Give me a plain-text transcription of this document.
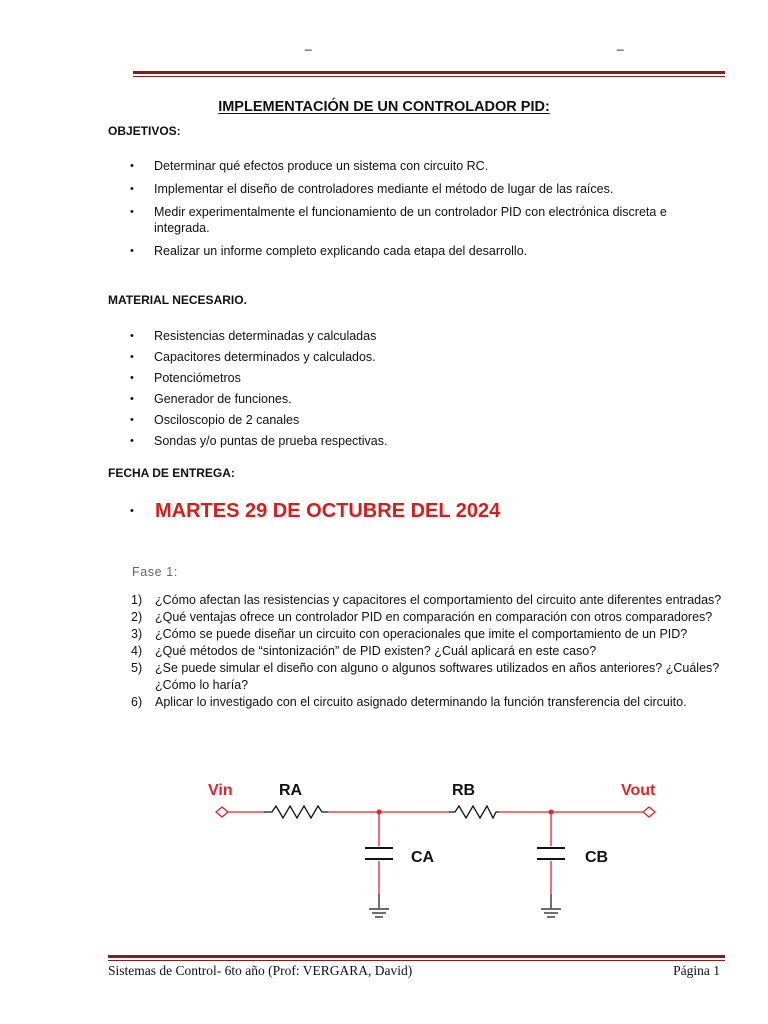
–	–
IMPLEMENTACIÓN DE UN CONTROLADOR PID:
OBJETIVOS:
• Determinar qué efectos produce un sistema con circuito RC.
• Implementar el diseño de controladores mediante el método de lugar de las raíces.
• Medir experimentalmente el funcionamiento de un controlador PID con electrónica discreta e integrada.
• Realizar un informe completo explicando cada etapa del desarrollo.
MATERIAL NECESARIO.
• Resistencias determinadas y calculadas
• Capacitores determinados y calculados.
• Potenciómetros
• Generador de funciones.
• Osciloscopio de 2 canales
• Sondas y/o puntas de prueba respectivas.
FECHA DE ENTREGA:
• MARTES 29 DE OCTUBRE DEL 2024
Fase 1:
1) ¿Cómo afectan las resistencias y capacitores el comportamiento del circuito ante diferentes entradas?
2) ¿Qué ventajas ofrece un controlador PID en comparación en comparación con otros comparadores?
3) ¿Cómo se puede diseñar un circuito con operacionales que imite el comportamiento de un PID?
4) ¿Qué métodos de “sintonización” de PID existen? ¿Cuál aplicará en este caso?
5) ¿Se puede simular el diseño con alguno o algunos softwares utilizados en años anteriores? ¿Cuáles? ¿Cómo lo haría?
6) Aplicar lo investigado con el circuito asignado determinando la función transferencia del circuito.
Vin	RA	RB	Vout
CA	CB
Sistemas de Control- 6to año (Prof: VERGARA, David)	Página 1
